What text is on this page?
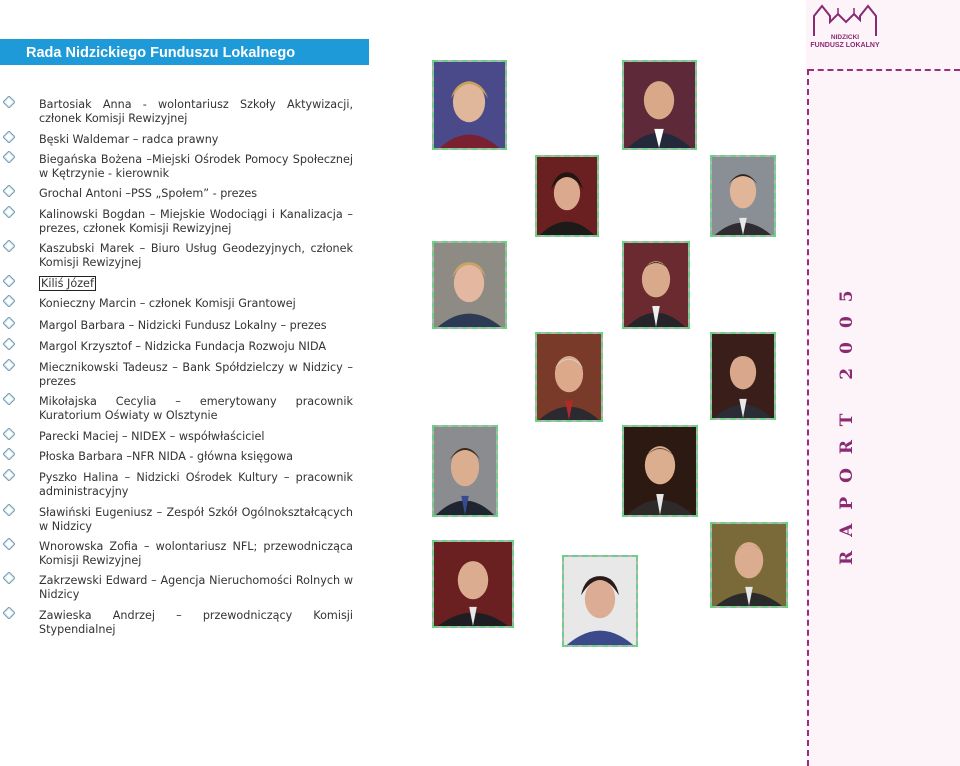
Rada Nidzickiego Funduszu Lokalnego
Bartosiak Anna - wolontariusz Szkoły Aktywizacji, członek Komisji Rewizyjnej
Bęski Waldemar – radca prawny
Biegańska Bożena –Miejski Ośrodek Pomocy Społecznej w Kętrzynie - kierownik
Grochal Antoni –PSS „Społem” - prezes
Kalinowski Bogdan – Miejskie Wodociągi i Kanalizacja – prezes, członek Komisji Rewizyjnej
Kaszubski Marek – Biuro Usług Geodezyjnych, członek Komisji Rewizyjnej
Kiliś Józef
Konieczny Marcin – członek Komisji Grantowej
Margol Barbara – Nidzicki Fundusz Lokalny – prezes
Margol Krzysztof – Nidzicka Fundacja Rozwoju NIDA
Miecznikowski Tadeusz – Bank Spółdzielczy w Nidzicy – prezes
Mikołajska Cecylia – emerytowany pracownik Kuratorium Oświaty w Olsztynie
Parecki Maciej – NIDEX – współwłaściciel
Płoska Barbara –NFR NIDA - główna księgowa
Pyszko Halina – Nidzicki Ośrodek Kultury – pracownik administracyjny
Sławiński Eugeniusz – Zespół Szkół Ogólnokształcących w Nidzicy
Wnorowska Zofia – wolontariusz NFL; przewodnicząca Komisji Rewizyjnej
Zakrzewski Edward – Agencja Nieruchomości Rolnych w Nidzicy
Zawieska Andrzej – przewodniczący Komisji Stypendialnej
NIDZICKI
FUNDUSZ LOKALNY
RAPORT 2005
